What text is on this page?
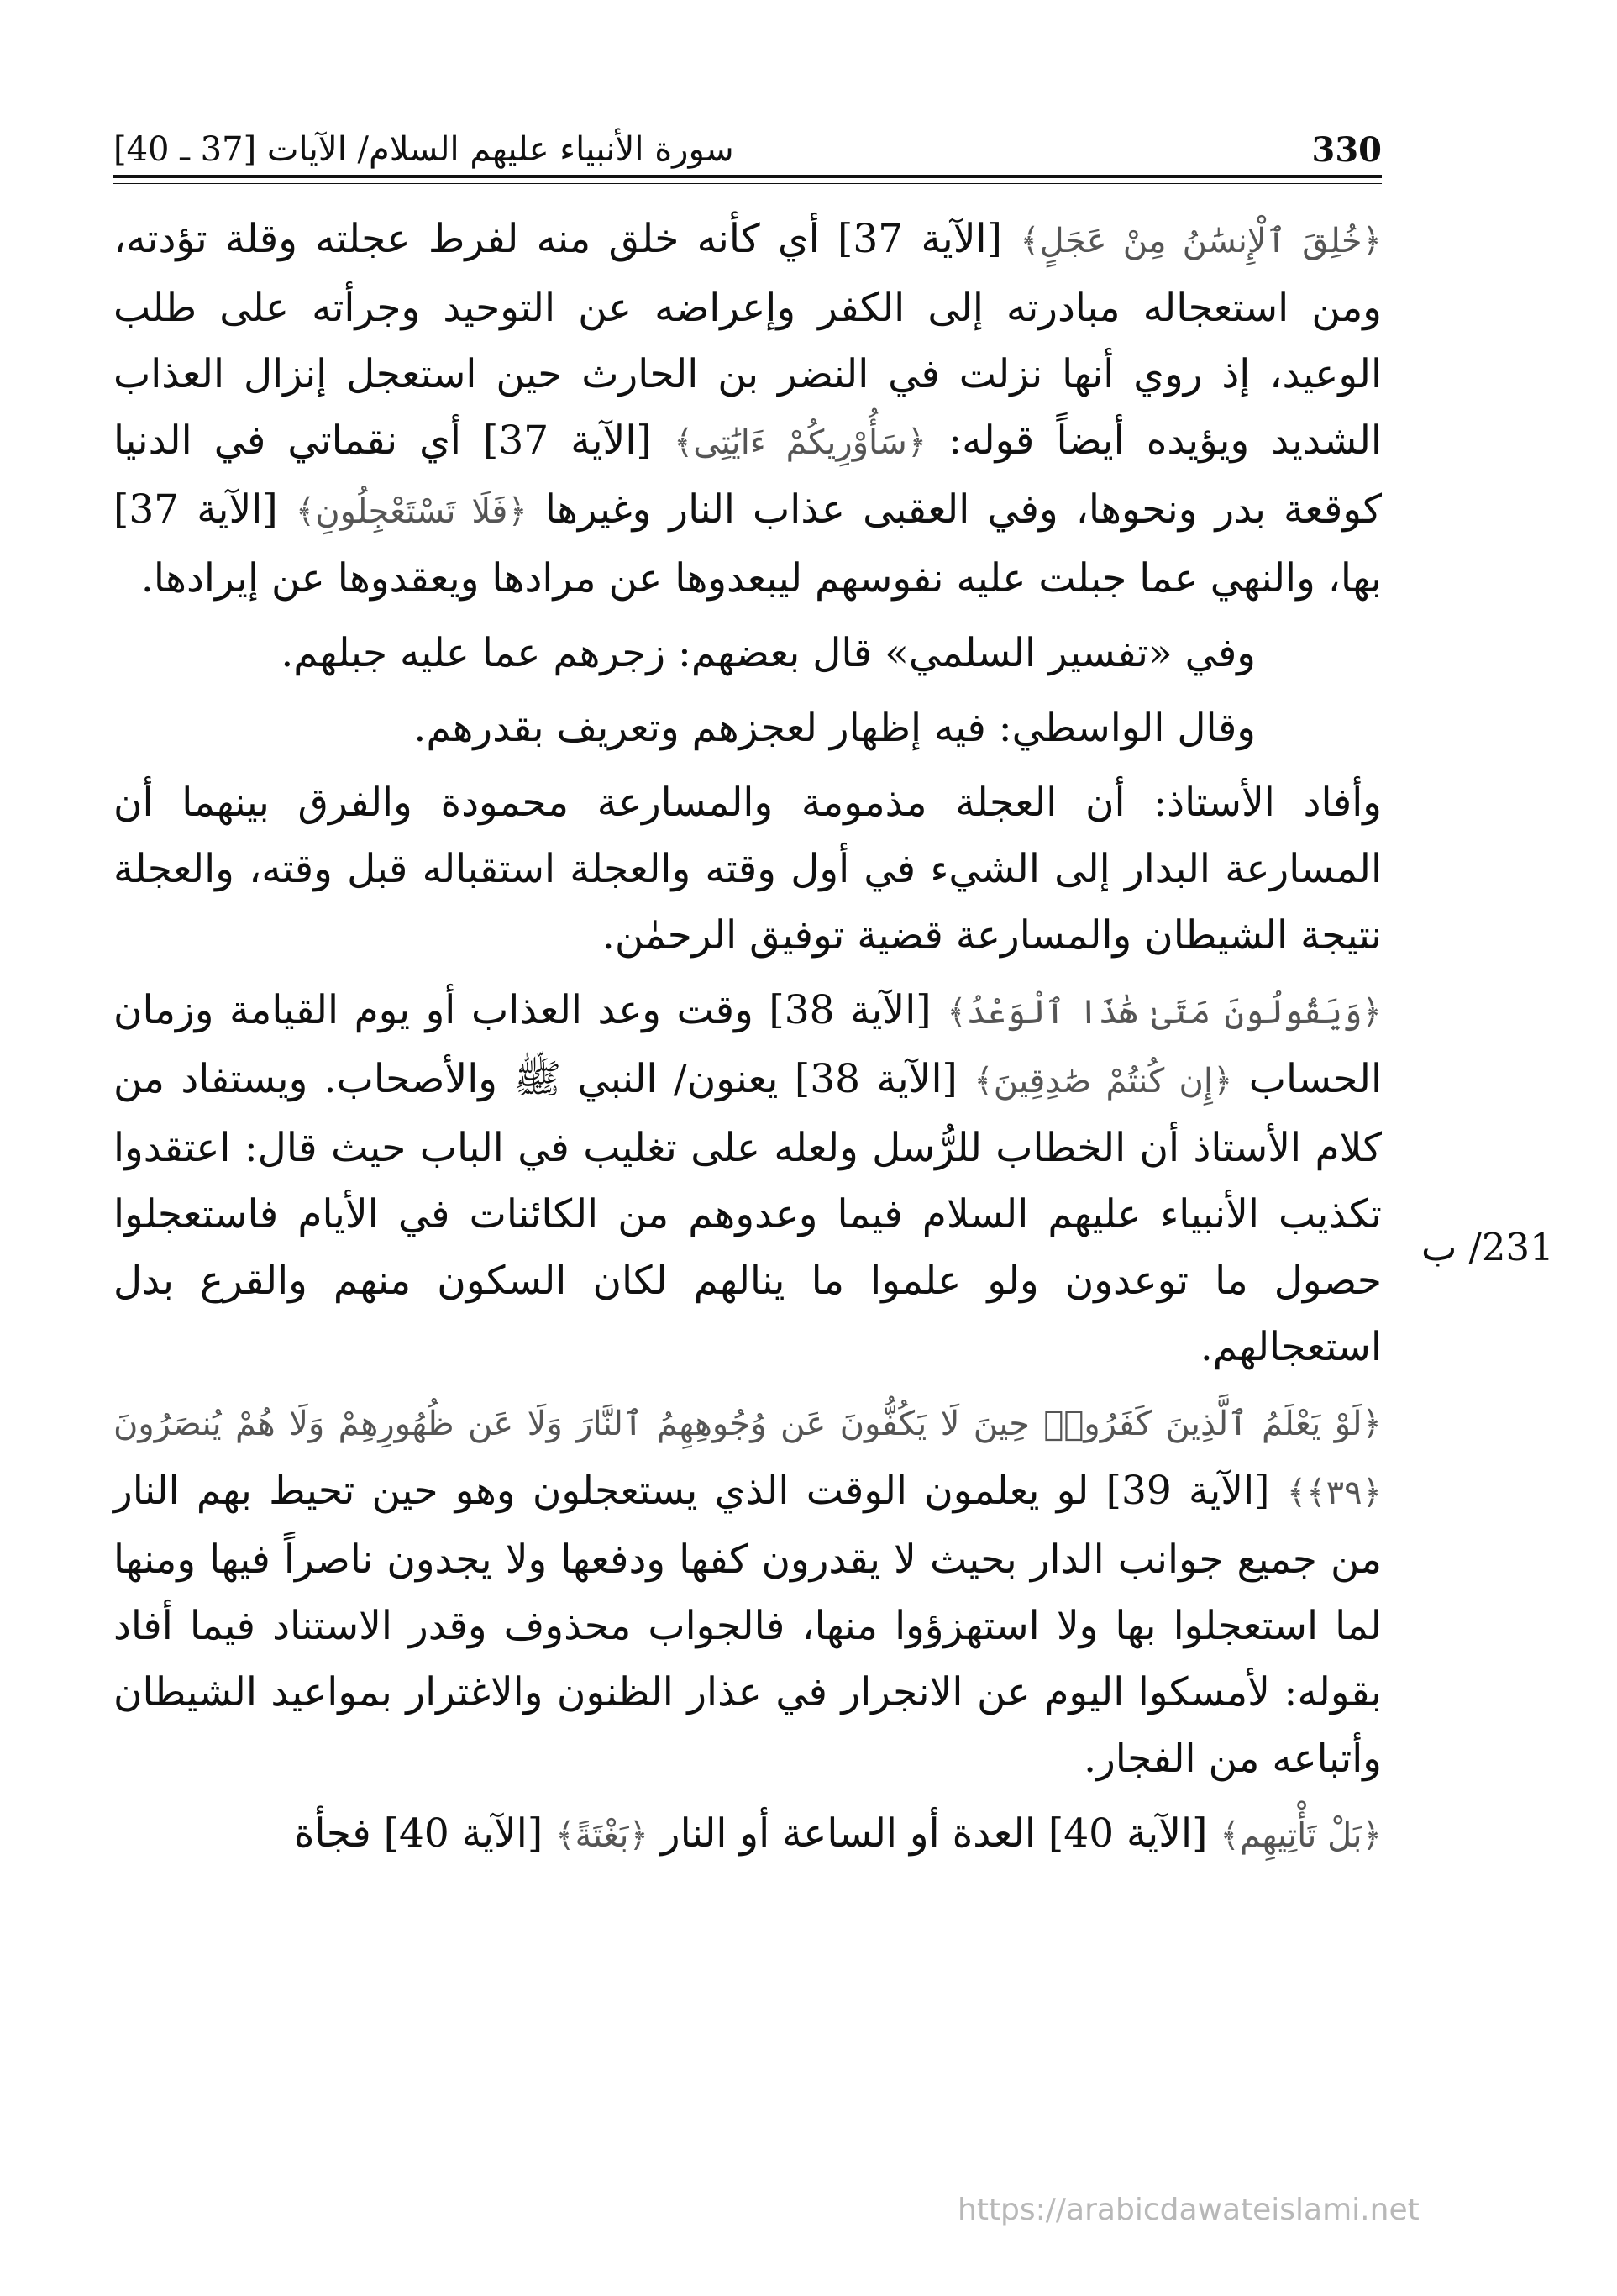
330
سورة الأنبياء عليهم السلام/ الآيات [37 ـ 40]

﴿خُلِقَ ٱلْإِنسَٰنُ مِنْ عَجَلٍ﴾ [الآية 37] أي كأنه خلق منه لفرط عجلته وقلة تؤدته، ومن استعجاله مبادرته إلى الكفر وإعراضه عن التوحيد وجرأته على طلب الوعيد، إذ روي أنها نزلت في النضر بن الحارث حين استعجل إنزال العذاب الشديد ويؤيده أيضاً قوله: ﴿سَأُوْرِيكُمْ ءَايَٰتِى﴾ [الآية 37] أي نقماتي في الدنيا كوقعة بدر ونحوها، وفي العقبى عذاب النار وغيرها ﴿فَلَا تَسْتَعْجِلُونِ﴾ [الآية 37] بها، والنهي عما جبلت عليه نفوسهم ليبعدوها عن مرادها ويعقدوها عن إيرادها.

وفي «تفسير السلمي» قال بعضهم: زجرهم عما عليه جبلهم.

وقال الواسطي: فيه إظهار لعجزهم وتعريف بقدرهم.

وأفاد الأستاذ: أن العجلة مذمومة والمسارعة محمودة والفرق بينهما أن المسارعة البدار إلى الشيء في أول وقته والعجلة استقباله قبل وقته، والعجلة نتيجة الشيطان والمسارعة قضية توفيق الرحمٰن.

﴿وَيَقُولُونَ مَتَىٰ هَٰذَا ٱلْوَعْدُ﴾ [الآية 38] وقت وعد العذاب أو يوم القيامة وزمان الحساب ﴿إِن كُنتُمْ صَٰدِقِينَ﴾ [الآية 38] يعنون/ النبي ﷺ والأصحاب. ويستفاد من كلام الأستاذ أن الخطاب للرُّسل ولعله على تغليب في الباب حيث قال: اعتقدوا تكذيب الأنبياء عليهم السلام فيما وعدوهم من الكائنات في الأيام فاستعجلوا حصول ما توعدون ولو علموا ما ينالهم لكان السكون منهم والقرع بدل استعجالهم.

﴿لَوْ يَعْلَمُ ٱلَّذِينَ كَفَرُوا۟ حِينَ لَا يَكُفُّونَ عَن وُجُوهِهِمُ ٱلنَّارَ وَلَا عَن ظُهُورِهِمْ وَلَا هُمْ يُنصَرُونَ ﴿٣٩﴾﴾ [الآية 39] لو يعلمون الوقت الذي يستعجلون وهو حين تحيط بهم النار من جميع جوانب الدار بحيث لا يقدرون كفها ودفعها ولا يجدون ناصراً فيها ومنها لما استعجلوا بها ولا استهزؤوا منها، فالجواب محذوف وقدر الاستناد فيما أفاد بقوله: لأمسكوا اليوم عن الانجرار في عذار الظنون والاغترار بمواعيد الشيطان وأتباعه من الفجار.

﴿بَلْ تَأْتِيهِم﴾ [الآية 40] العدة أو الساعة أو النار ﴿بَغْتَةً﴾ [الآية 40] فجأة

231/ ب
https://arabicdawateislami.net
